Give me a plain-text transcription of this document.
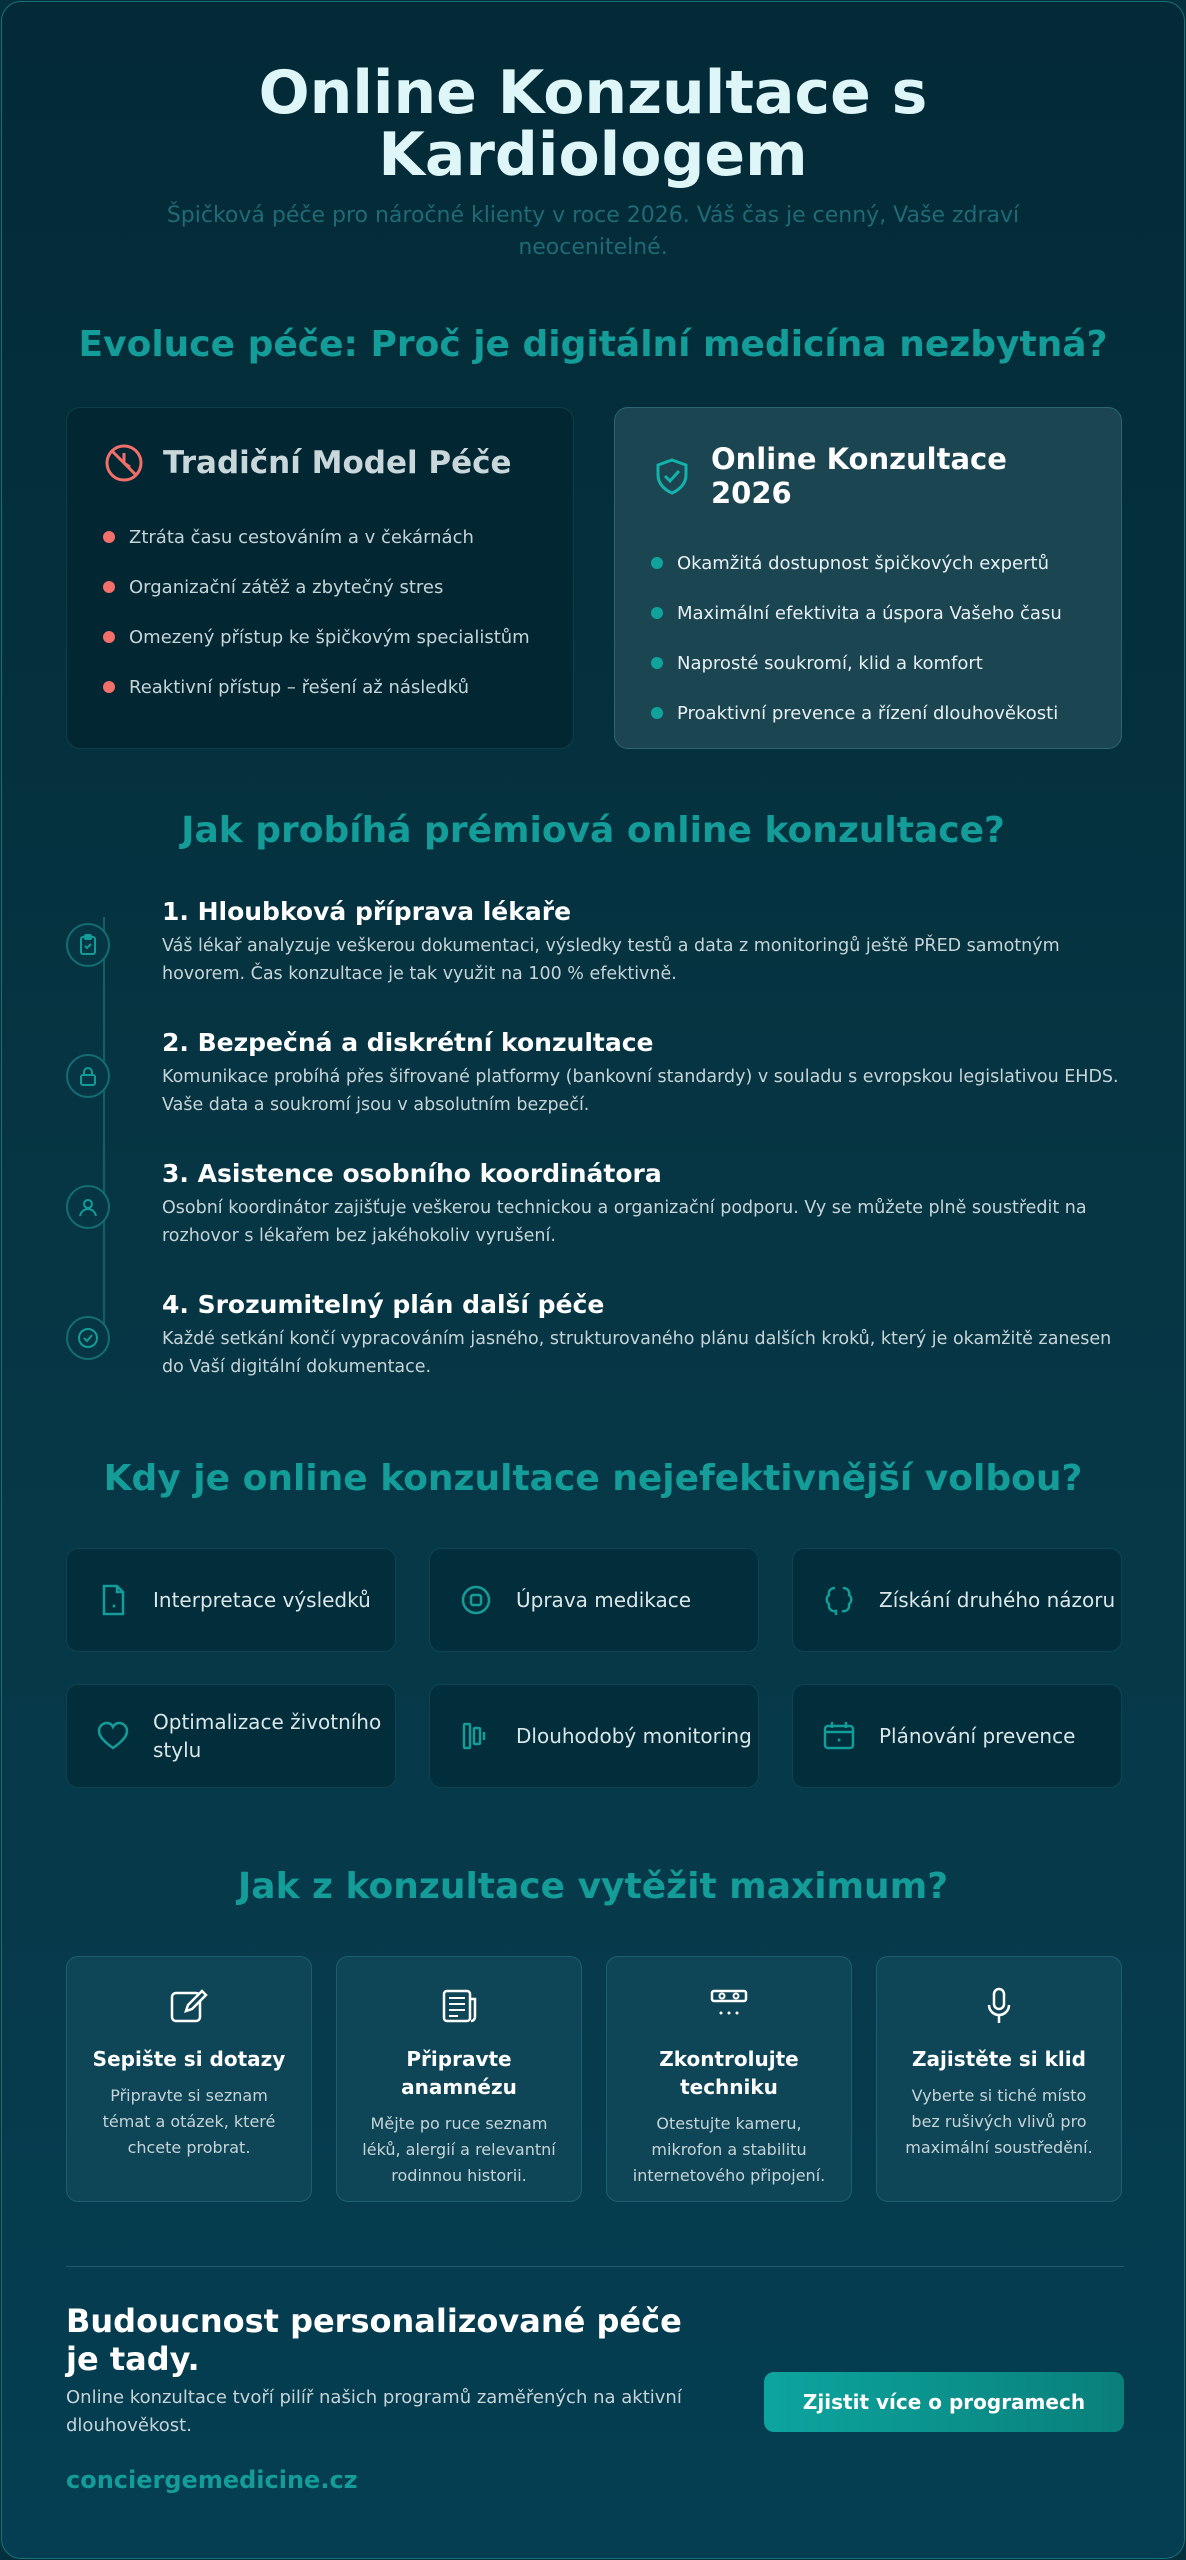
Online Konzultace s Kardiologem

Špičková péče pro náročné klienty v roce 2026. Váš čas je cenný, Vaše zdraví neocenitelné.

Evoluce péče: Proč je digitální medicína nezbytná?
Tradiční Model Péče
Ztráta času cestováním a v čekárnách
Organizační zátěž a zbytečný stres
Omezený přístup ke špičkovým specialistům
Reaktivní přístup – řešení až následků
Online Konzultace 2026
Okamžitá dostupnost špičkových expertů
Maximální efektivita a úspora Vašeho času
Naprosté soukromí, klid a komfort
Proaktivní prevence a řízení dlouhověkosti
Jak probíhá prémiová online konzultace?
1. Hloubková příprava lékaře

Váš lékař analyzuje veškerou dokumentaci, výsledky testů a data z monitoringů ještě PŘED samotným hovorem. Čas konzultace je tak využit na 100 % efektivně.

2. Bezpečná a diskrétní konzultace

Komunikace probíhá přes šifrované platformy (bankovní standardy) v souladu s evropskou legislativou EHDS. Vaše data a soukromí jsou v absolutním bezpečí.

3. Asistence osobního koordinátora

Osobní koordinátor zajišťuje veškerou technickou a organizační podporu. Vy se můžete plně soustředit na rozhovor s lékařem bez jakéhokoliv vyrušení.

4. Srozumitelný plán další péče

Každé setkání končí vypracováním jasného, strukturovaného plánu dalších kroků, který je okamžitě zanesen do Vaší digitální dokumentace.

Kdy je online konzultace nejefektivnější volbou?
Interpretace výsledků	Úprava medikace	Získání druhého názoru
Optimalizace životního stylu
Dlouhodobý monitoring	Plánování prevence
Jak z konzultace vytěžit maximum?
Sepište si dotazy

Připravte si seznam témat a otázek, které chcete probrat.

Připravte anamnézu

Mějte po ruce seznam léků, alergií a relevantní rodinnou historii.

Zkontrolujte techniku

Otestujte kameru, mikrofon a stabilitu internetového připojení.

Zajistěte si klid

Vyberte si tiché místo bez rušivých vlivů pro maximální soustředění.

Budoucnost personalizované péče je tady.

Online konzultace tvoří pilíř našich programů zaměřených na aktivní dlouhověkost.

Zjistit více o programech
conciergemedicine.cz
